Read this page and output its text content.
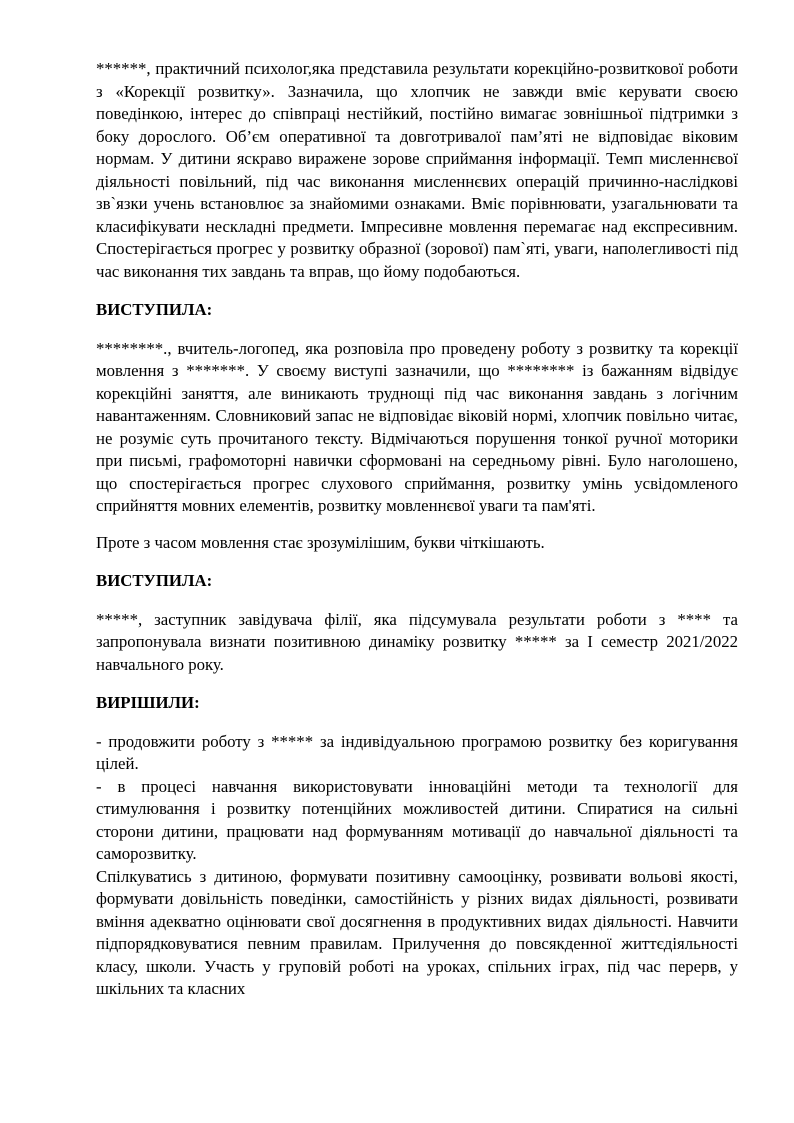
******, практичний психолог,яка представила результати корекційно-розвиткової роботи з «Корекції розвитку». Зазначила, що хлопчик не завжди вміє керувати своєю поведінкою, інтерес до співпраці нестійкий, постійно вимагає зовнішньої підтримки з боку дорослого. Об’єм оперативної та довготривалої пам’яті не відповідає віковим нормам. У дитини яскраво виражене зорове сприймання інформації. Темп мисленнєвої діяльності повільний, під час виконання мисленнєвих операцій причинно-наслідкові зв`язки учень встановлює за знайомими ознаками. Вміє порівнювати, узагальнювати та класифікувати нескладні предмети. Імпресивне мовлення перемагає над експресивним. Спостерігається прогрес у розвитку образної (зорової) пам`яті, уваги, наполегливості під час виконання тих завдань та вправ, що йому подобаються.

ВИСТУПИЛА:

********., вчитель-логопед, яка розповіла про проведену роботу з розвитку та корекції мовлення з *******. У своєму виступі зазначили, що ******** із бажанням відвідує корекційні заняття, але виникають труднощі під час виконання завдань з логічним навантаженням. Словниковий запас не відповідає віковій нормі, хлопчик повільно читає, не розуміє суть прочитаного тексту. Відмічаються порушення тонкої ручної моторики при письмі, графомоторні навички сформовані на середньому рівні. Було наголошено, що спостерігається прогрес слухового сприймання, розвитку умінь усвідомленого сприйняття мовних елементів, розвитку мовленнєвої уваги та пам'яті.

Проте з часом мовлення стає зрозумілішим, букви чіткішають.

ВИСТУПИЛА:

*****, заступник завідувача філії, яка підсумувала результати роботи з **** та запропонувала визнати позитивною динаміку розвитку ***** за І семестр 2021/2022 навчального року.

ВИРІШИЛИ:

- продовжити роботу з ***** за індивідуальною програмою розвитку без коригування цілей.

- в процесі навчання використовувати інноваційні методи та технології для стимулювання і розвитку потенційних можливостей дитини. Спиратися на сильні сторони дитини, працювати над формуванням мотивації до навчальної діяльності та саморозвитку.

Спілкуватись з дитиною, формувати позитивну самооцінку, розвивати вольові якості, формувати довільність поведінки, самостійність у різних видах діяльності, розвивати вміння адекватно оцінювати свої досягнення в продуктивних видах діяльності. Навчити підпорядковуватися певним правилам. Прилучення до повсякденної життєдіяльності класу, школи. Участь у груповій роботі на уроках, спільних іграх, під час перерв, у шкільних та класних
